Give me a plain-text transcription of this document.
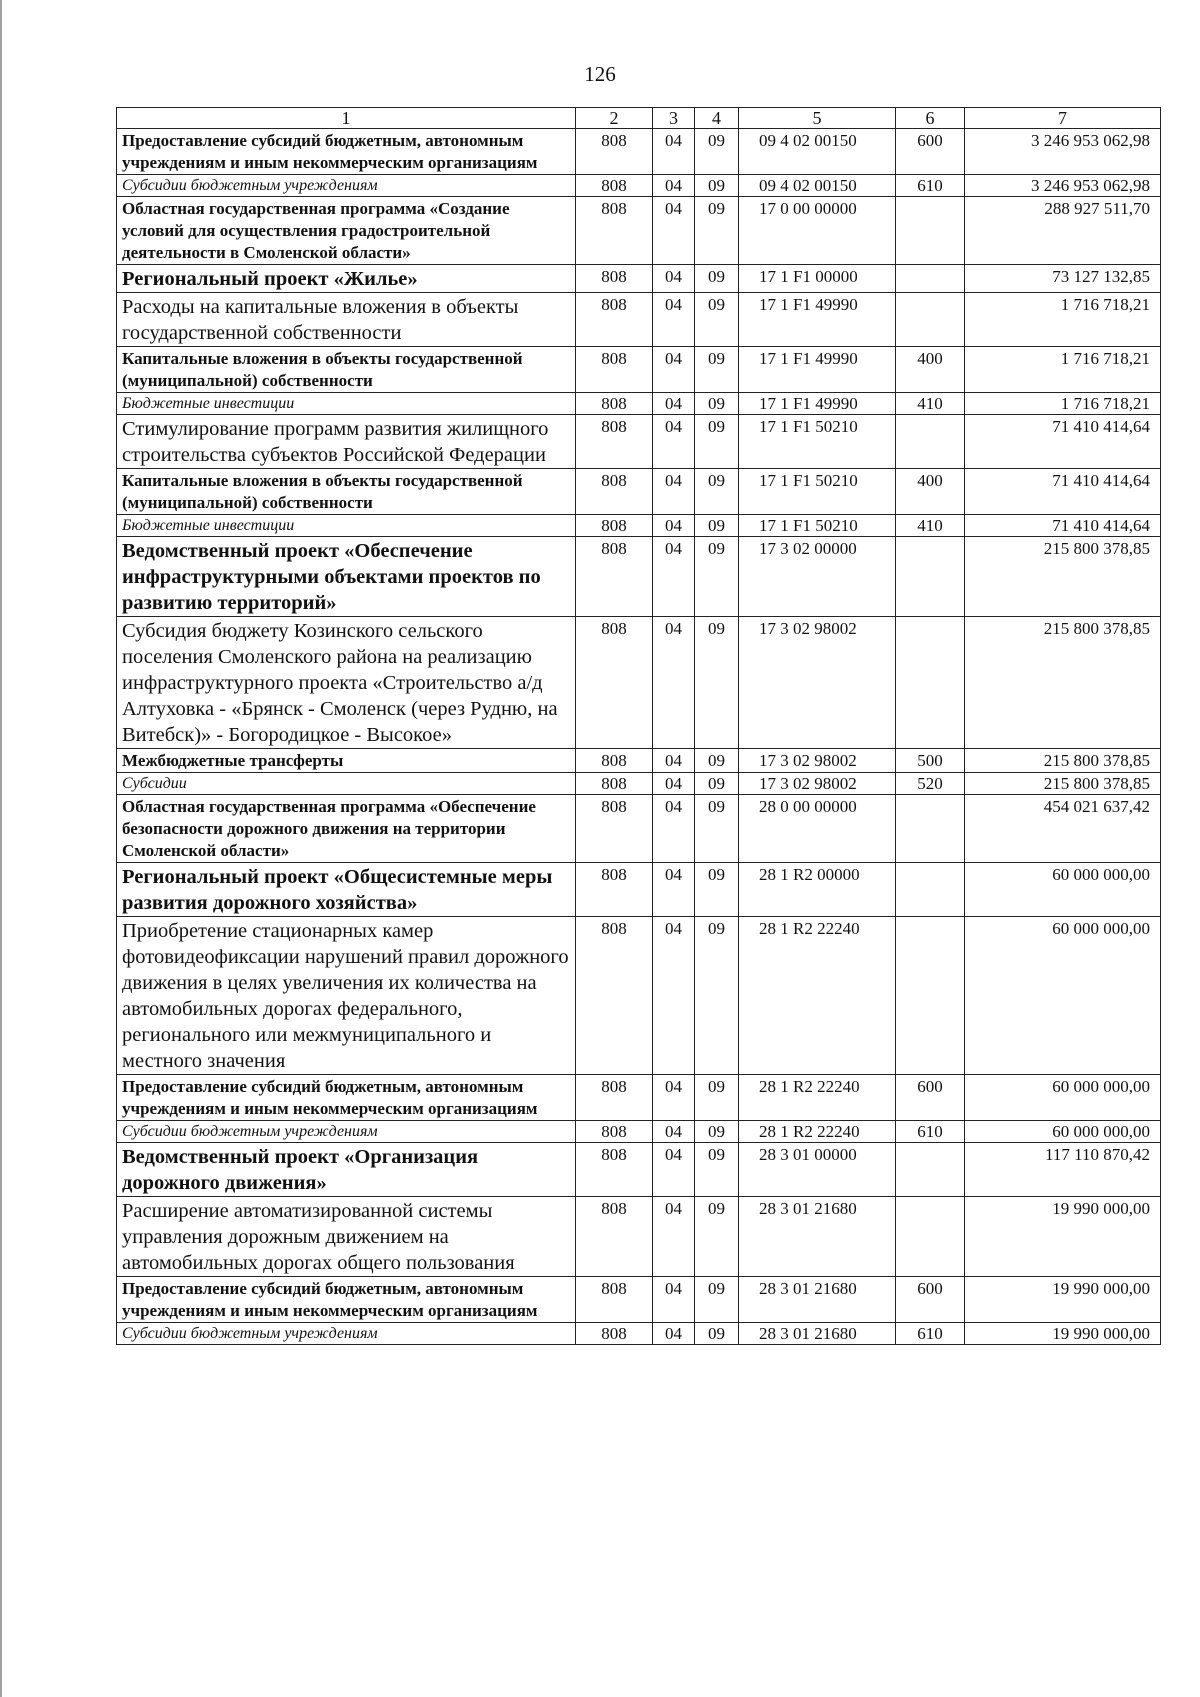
126
1	2	3	4	5	6	7
Предоставление субсидий бюджетным, автономным учреждениям и иным некоммерческим организациям	808	04	09	09 4 02 00150	600	3 246 953 062,98
Субсидии бюджетным учреждениям	808	04	09	09 4 02 00150	610	3 246 953 062,98
Областная государственная программа «Создание условий для осуществления градостроительной деятельности в Смоленской области»	808	04	09	17 0 00 00000		288 927 511,70
Региональный проект «Жилье»	808	04	09	17 1 F1 00000		73 127 132,85
Расходы на капитальные вложения в объекты государственной собственности	808	04	09	17 1 F1 49990		1 716 718,21
Капитальные вложения в объекты государственной (муниципальной) собственности	808	04	09	17 1 F1 49990	400	1 716 718,21
Бюджетные инвестиции	808	04	09	17 1 F1 49990	410	1 716 718,21
Стимулирование программ развития жилищного строительства субъектов Российской Федерации	808	04	09	17 1 F1 50210		71 410 414,64
Капитальные вложения в объекты государственной (муниципальной) собственности	808	04	09	17 1 F1 50210	400	71 410 414,64
Бюджетные инвестиции	808	04	09	17 1 F1 50210	410	71 410 414,64
Ведомственный проект «Обеспечение инфраструктурными объектами проектов по развитию территорий»	808	04	09	17 3 02 00000		215 800 378,85
Субсидия бюджету Козинского сельского поселения Смоленского района на реализацию инфраструктурного проекта «Строительство а/д Алтуховка - «Брянск - Смоленск (через Рудню, на Витебск)» - Богородицкое - Высокое»	808	04	09	17 3 02 98002		215 800 378,85
Межбюджетные трансферты	808	04	09	17 3 02 98002	500	215 800 378,85
Субсидии	808	04	09	17 3 02 98002	520	215 800 378,85
Областная государственная программа «Обеспечение безопасности дорожного движения на территории Смоленской области»	808	04	09	28 0 00 00000		454 021 637,42
Региональный проект «Общесистемные меры развития дорожного хозяйства»	808	04	09	28 1 R2 00000		60 000 000,00
Приобретение стационарных камер фотовидеофиксации нарушений правил дорожного движения в целях увеличения их количества на автомобильных дорогах федерального, регионального или межмуниципального и местного значения	808	04	09	28 1 R2 22240		60 000 000,00
Предоставление субсидий бюджетным, автономным учреждениям и иным некоммерческим организациям	808	04	09	28 1 R2 22240	600	60 000 000,00
Субсидии бюджетным учреждениям	808	04	09	28 1 R2 22240	610	60 000 000,00
Ведомственный проект «Организация дорожного движения»	808	04	09	28 3 01 00000		117 110 870,42
Расширение автоматизированной системы управления дорожным движением на автомобильных дорогах общего пользования	808	04	09	28 3 01 21680		19 990 000,00
Предоставление субсидий бюджетным, автономным учреждениям и иным некоммерческим организациям	808	04	09	28 3 01 21680	600	19 990 000,00
Субсидии бюджетным учреждениям	808	04	09	28 3 01 21680	610	19 990 000,00
